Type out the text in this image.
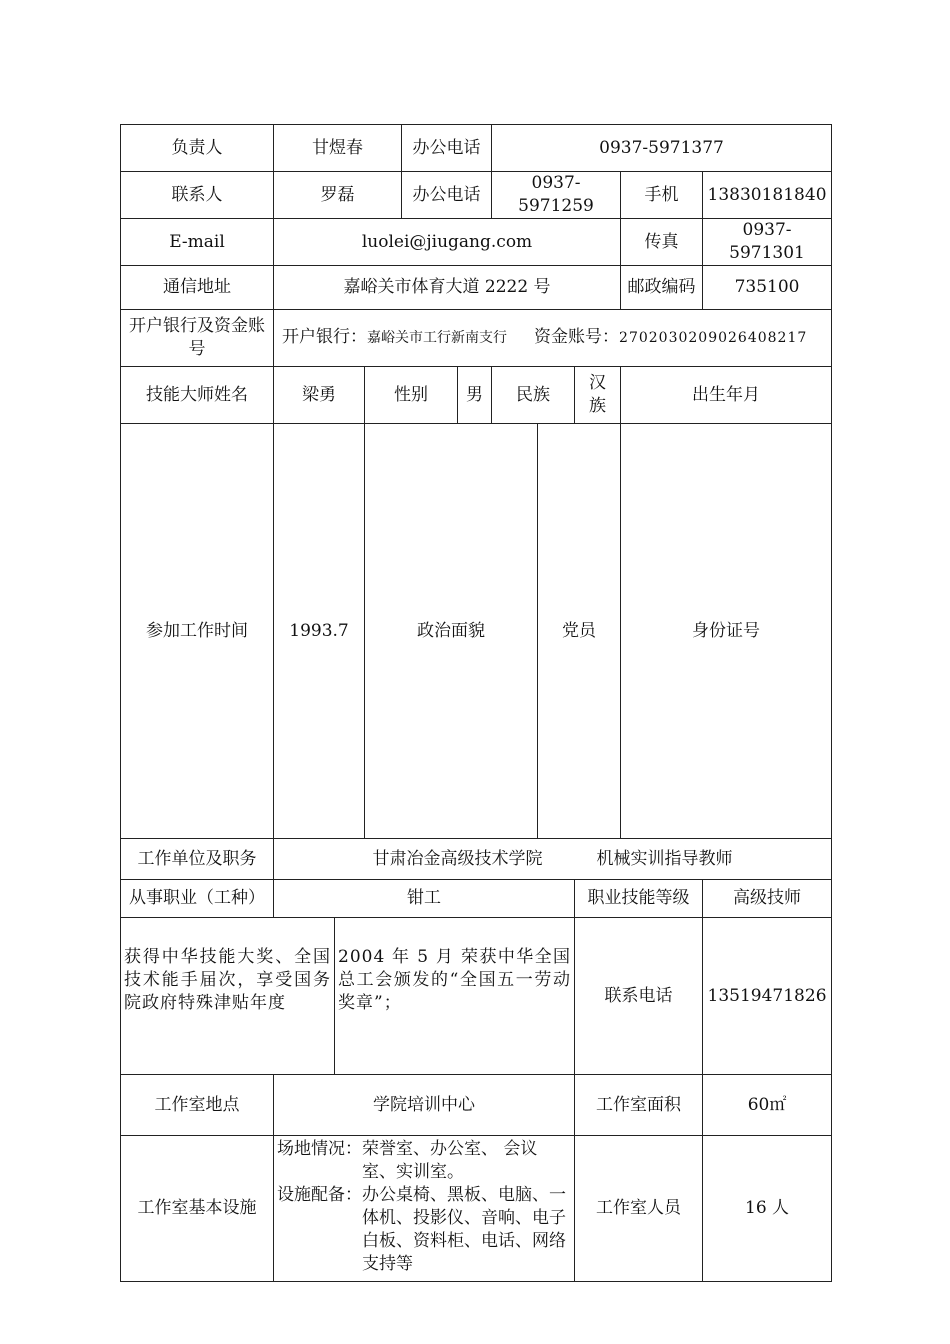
负责人	甘煜春			办公电话		0937-5971377					
联系人	罗磊			办公电话		0937-5971259			手机	13830181840	
E-mail	luolei@jiugang.com								传真	0937-5971301	
通信地址	嘉峪关市体育大道 2222 号								邮政编码	735100	
开户银行及资金账号	开户银行：嘉峪关市工行新南支行 资金账号：2702030209026408217										
技能大师姓名	梁勇		性别		男	民族		汉族	出生年月	
参加工作时间	1993.7		政治面貌				党员		身份证号	
工作单位及职务	甘肃冶金高级技术学院 机械实训指导教师										
从事职业（工种）	钳工							职业技能等级		高级技师	
获得中华技能大奖、全国技术能手届次，享受国务院政府特殊津贴年度		2004 年 5 月 荣获中华全国总工会颁发的“全国五一劳动奖章”；						联系电话		13519471826	
工作室地点	学院培训中心							工作室面积		60㎡	
工作室基本设施	场地情况： 荣誉室、办公室、 会议室、实训室。
设施配备： 办公桌椅、黑板、电脑、一体机、投影仪、音响、电子白板、资料柜、电话、网络支持等							工作室人员		16 人	
